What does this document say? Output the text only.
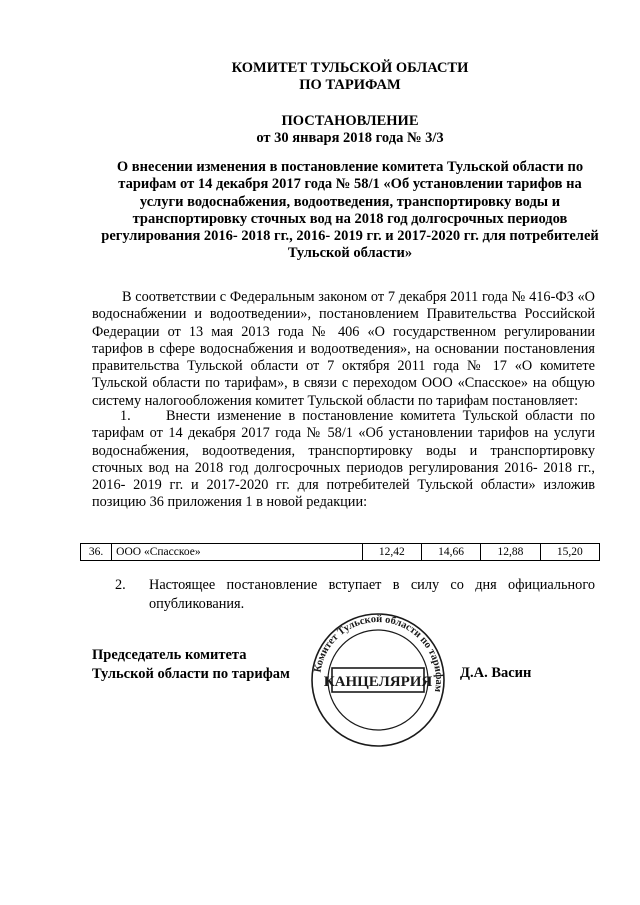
КОМИТЕТ ТУЛЬСКОЙ ОБЛАСТИ
ПО ТАРИФАМ
ПОСТАНОВЛЕНИЕ
от 30 января 2018 года № 3/3
О внесении изменения в постановление комитета Тульской области по тарифам от 14 декабря 2017 года № 58/1 «Об установлении тарифов на услуги водоснабжения, водоотведения, транспортировку воды и транспортировку сточных вод на 2018 год долгосрочных периодов регулирования 2016- 2018 гг., 2016- 2019 гг. и 2017-2020 гг. для потребителей Тульской области»
В соответствии с Федеральным законом от 7 декабря 2011 года № 416-ФЗ «О водоснабжении и водоотведении», постановлением Правительства Российской Федерации от 13 мая 2013 года № 406 «О государственном регулировании тарифов в сфере водоснабжения и водоотведения», на основании постановления правительства Тульской области от 7 октября 2011 года № 17 «О комитете Тульской области по тарифам», в связи с переходом ООО «Спасское» на общую систему налогообложения комитет Тульской области по тарифам постановляет:
1. Внести изменение в постановление комитета Тульской области по тарифам от 14 декабря 2017 года № 58/1 «Об установлении тарифов на услуги водоснабжения, водоотведения, транспортировку воды и транспортировку сточных вод на 2018 год долгосрочных периодов регулирования 2016- 2018 гг., 2016- 2019 гг. и 2017-2020 гг. для потребителей Тульской области» изложив позицию 36 приложения 1 в новой редакции:
36.	ООО «Спасское»	12,42	14,66	12,88	15,20
2.	Настоящее постановление вступает в силу со дня официального опубликования.
Председатель комитета
Тульской области по тарифам	Д.А. Васин
Комитет Тульской области по тарифам
КАНЦЕЛЯРИЯ
